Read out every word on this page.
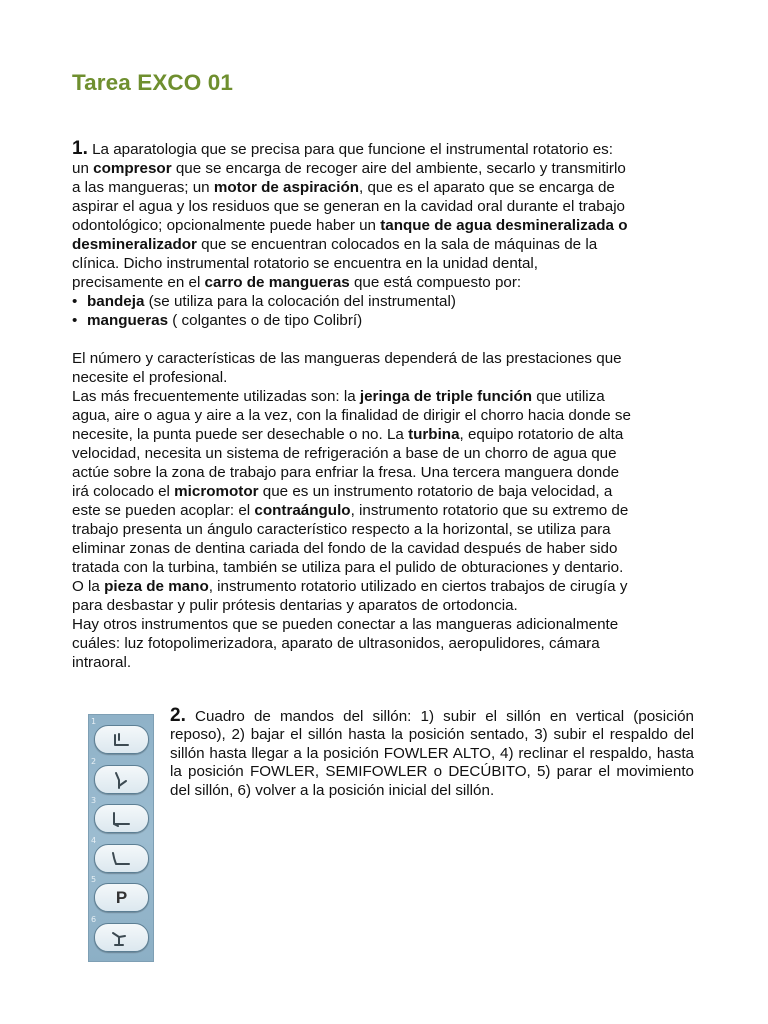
Tarea EXCO 01
1. La aparatologia que se precisa para que funcione el instrumental rotatorio es:
un compresor que se encarga de recoger aire del ambiente, secarlo y transmitirlo
a las mangueras; un motor de aspiración, que es el aparato que se encarga de
aspirar el agua y los residuos que se generan en la cavidad oral durante el trabajo
odontológico; opcionalmente puede haber un tanque de agua desmineralizada o
desmineralizador que se encuentran colocados en la sala de máquinas de la
clínica. Dicho instrumental rotatorio se encuentra en la unidad dental,
precisamente en el carro de mangueras que está compuesto por:
• bandeja (se utiliza para la colocación del instrumental)
• mangueras ( colgantes o de tipo Colibrí)
El número y características de las mangueras dependerá de las prestaciones que
necesite el profesional.
Las más frecuentemente utilizadas son: la jeringa de triple función que utiliza
agua, aire o agua y aire a la vez, con la finalidad de dirigir el chorro hacia donde se
necesite, la punta puede ser desechable o no. La turbina, equipo rotatorio de alta
velocidad, necesita un sistema de refrigeración a base de un chorro de agua que
actúe sobre la zona de trabajo para enfriar la fresa. Una tercera manguera donde
irá colocado el micromotor que es un instrumento rotatorio de baja velocidad, a
este se pueden acoplar: el contraángulo, instrumento rotatorio que su extremo de
trabajo presenta un ángulo característico respecto a la horizontal, se utiliza para
eliminar zonas de dentina cariada del fondo de la cavidad después de haber sido
tratada con la turbina, también se utiliza para el pulido de obturaciones y dentario.
O la pieza de mano, instrumento rotatorio utilizado en ciertos trabajos de cirugía y
para desbastar y pulir prótesis dentarias y aparatos de ortodoncia.
Hay otros instrumentos que se pueden conectar a las mangueras adicionalmente
cuáles: luz fotopolimerizadora, aparato de ultrasonidos, aeropulidores, cámara
intraoral.
1
2
3
4
5
P
6

2. Cuadro de mandos del sillón: 1) subir el sillón en vertical (posición reposo), 2) bajar el sillón hasta la posición sentado, 3) subir el respaldo del sillón hasta llegar a la posición FOWLER ALTO, 4) reclinar el respaldo, hasta la posición FOWLER, SEMIFOWLER o DECÚBITO, 5) parar el movimiento del sillón, 6) volver a la posición inicial del sillón.
